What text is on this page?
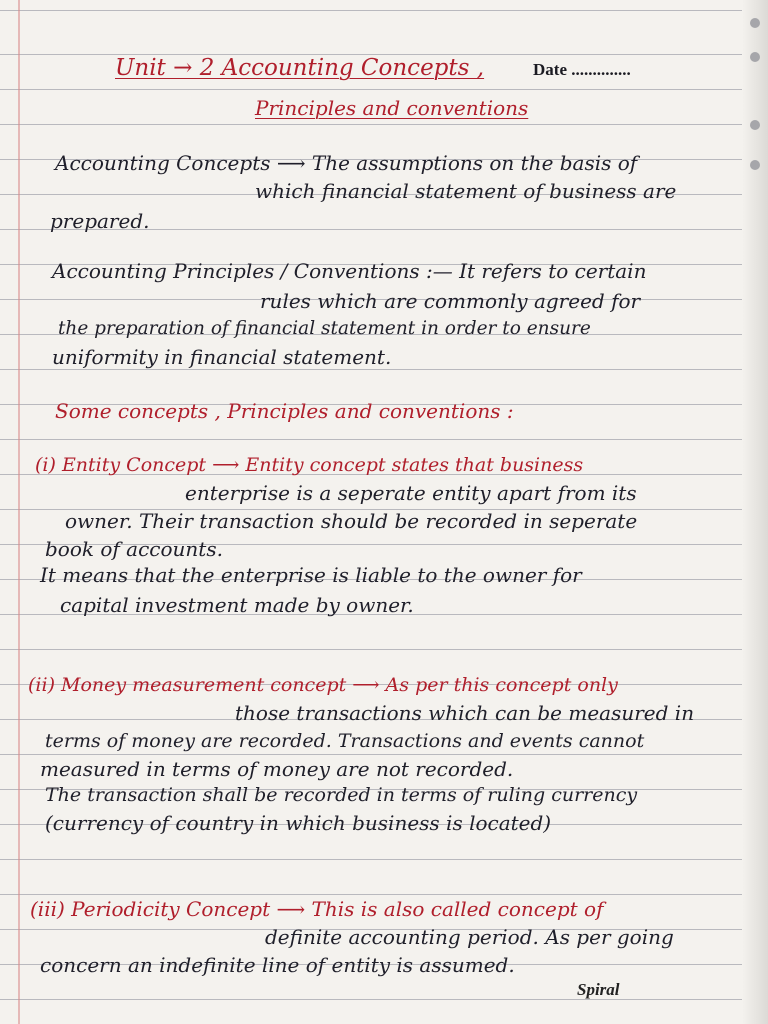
Unit → 2 Accounting Concepts ,	Date ..............

Principles and conventions

Accounting Concepts ⟶ The assumptions on the basis of

which financial statement of business are

prepared.

Accounting Principles / Conventions :— It refers to certain

rules which are commonly agreed for

the preparation of financial statement in order to ensure

uniformity in financial statement.

Some concepts , Principles and conventions :

(i) Entity Concept ⟶ Entity concept states that business

enterprise is a seperate entity apart from its

owner. Their transaction should be recorded in seperate

book of accounts.

It means that the enterprise is liable to the owner for

capital investment made by owner.

(ii) Money measurement concept ⟶ As per this concept only

those transactions which can be measured in

terms of money are recorded. Transactions and events cannot

measured in terms of money are not recorded.

The transaction shall be recorded in terms of ruling currency

(currency of country in which business is located)

(iii) Periodicity Concept ⟶ This is also called concept of

definite accounting period. As per going

concern an indefinite line of entity is assumed.

Spiral
